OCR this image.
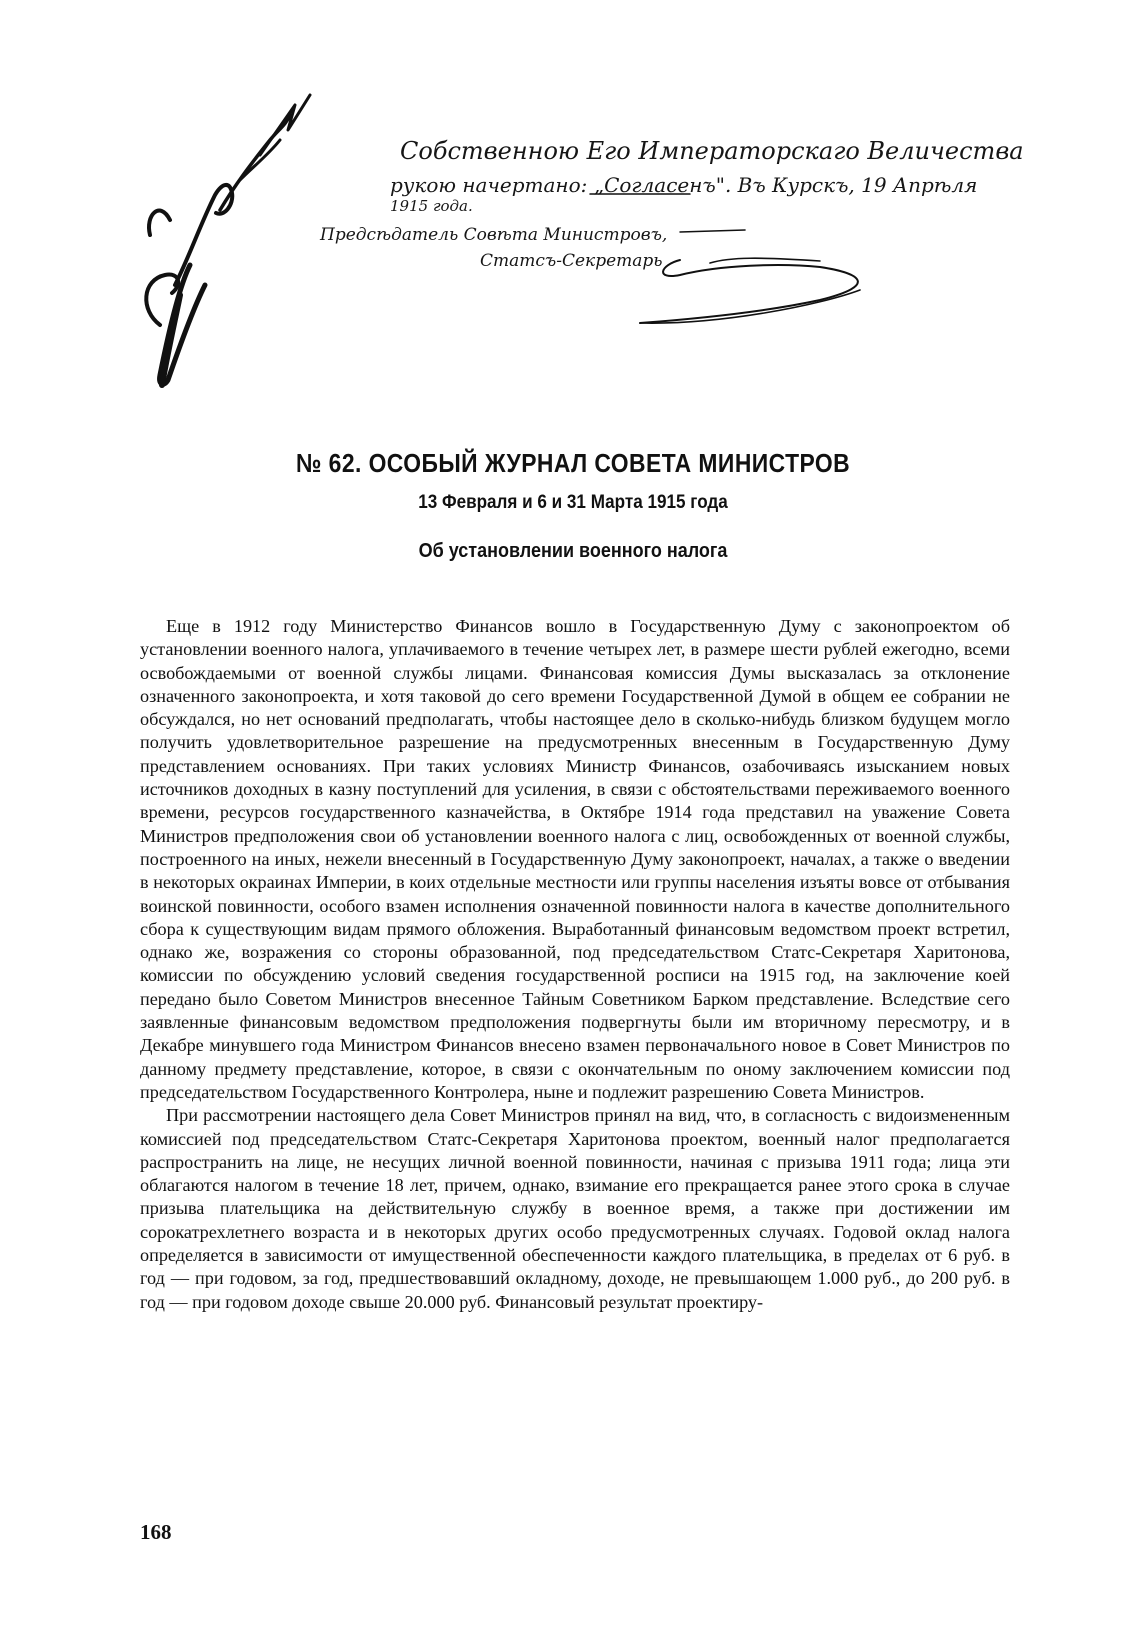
Собственною Его Императорскаго Величества
рукою начертано: „Согласенъ". Въ Курскъ, 19 Апрѣля
1915 года.
Предсѣдатель Совѣта Министровъ,
Статсъ-Секретарь
№ 62. ОСОБЫЙ ЖУРНАЛ СОВЕТА МИНИСТРОВ
13 Февраля и 6 и 31 Марта 1915 года
Об установлении военного налога

Еще в 1912 году Министерство Финансов вошло в Государственную Думу с законопроектом об установлении военного налога, уплачиваемого в течение четырех лет, в размере шести рублей ежегодно, всеми освобождаемыми от военной службы лицами. Финансовая комиссия Думы высказалась за отклонение означенного законопроекта, и хотя таковой до сего времени Государственной Думой в общем ее собрании не обсуждался, но нет оснований предполагать, чтобы настоящее дело в сколько-нибудь близком будущем могло получить удовлетворительное разрешение на предусмотренных внесенным в Государственную Думу представлением основаниях. При таких условиях Министр Финансов, озабочиваясь изысканием новых источников доходных в казну поступлений для усиления, в связи с обстоятельствами переживаемого военного времени, ресурсов государственного казначейства, в Октябре 1914 года представил на уважение Совета Министров предположения свои об установлении военного налога с лиц, освобожденных от военной службы, построенного на иных, нежели внесенный в Государственную Думу законопроект, началах, а также о введении в некоторых окраинах Империи, в коих отдельные местности или группы населения изъяты вовсе от отбывания воинской повинности, особого взамен исполнения означенной повинности налога в качестве дополнительного сбора к существующим видам прямого обложения. Выработанный финансовым ведомством проект встретил, однако же, возражения со стороны образованной, под председательством Статс-Секретаря Харитонова, комиссии по обсуждению условий сведения государственной росписи на 1915 год, на заключение коей передано было Советом Министров внесенное Тайным Советником Барком представление. Вследствие сего заявленные финансовым ведомством предположения подвергнуты были им вторичному пересмотру, и в Декабре минувшего года Министром Финансов внесено взамен первоначального новое в Совет Министров по данному предмету представление, которое, в связи с окончательным по оному заключением комиссии под председательством Государственного Контролера, ныне и подлежит разрешению Совета Министров.

При рассмотрении настоящего дела Совет Министров принял на вид, что, в согласность с видоизмененным комиссией под председательством Статс-Секретаря Харитонова проектом, военный налог предполагается распространить на лице, не несущих личной военной повинности, начиная с призыва 1911 года; лица эти облагаются налогом в течение 18 лет, причем, однако, взимание его прекращается ранее этого срока в случае призыва плательщика на действительную службу в военное время, а также при достижении им сорокатрехлетнего возраста и в некоторых других особо предусмотренных случаях. Годовой оклад налога определяется в зависимости от имущественной обеспеченности каждого плательщика, в пределах от 6 руб. в год — при годовом, за год, предшествовавший окладному, доходе, не превышающем 1.000 руб., до 200 руб. в год — при годовом доходе свыше 20.000 руб. Финансовый результат проектиру-

168
